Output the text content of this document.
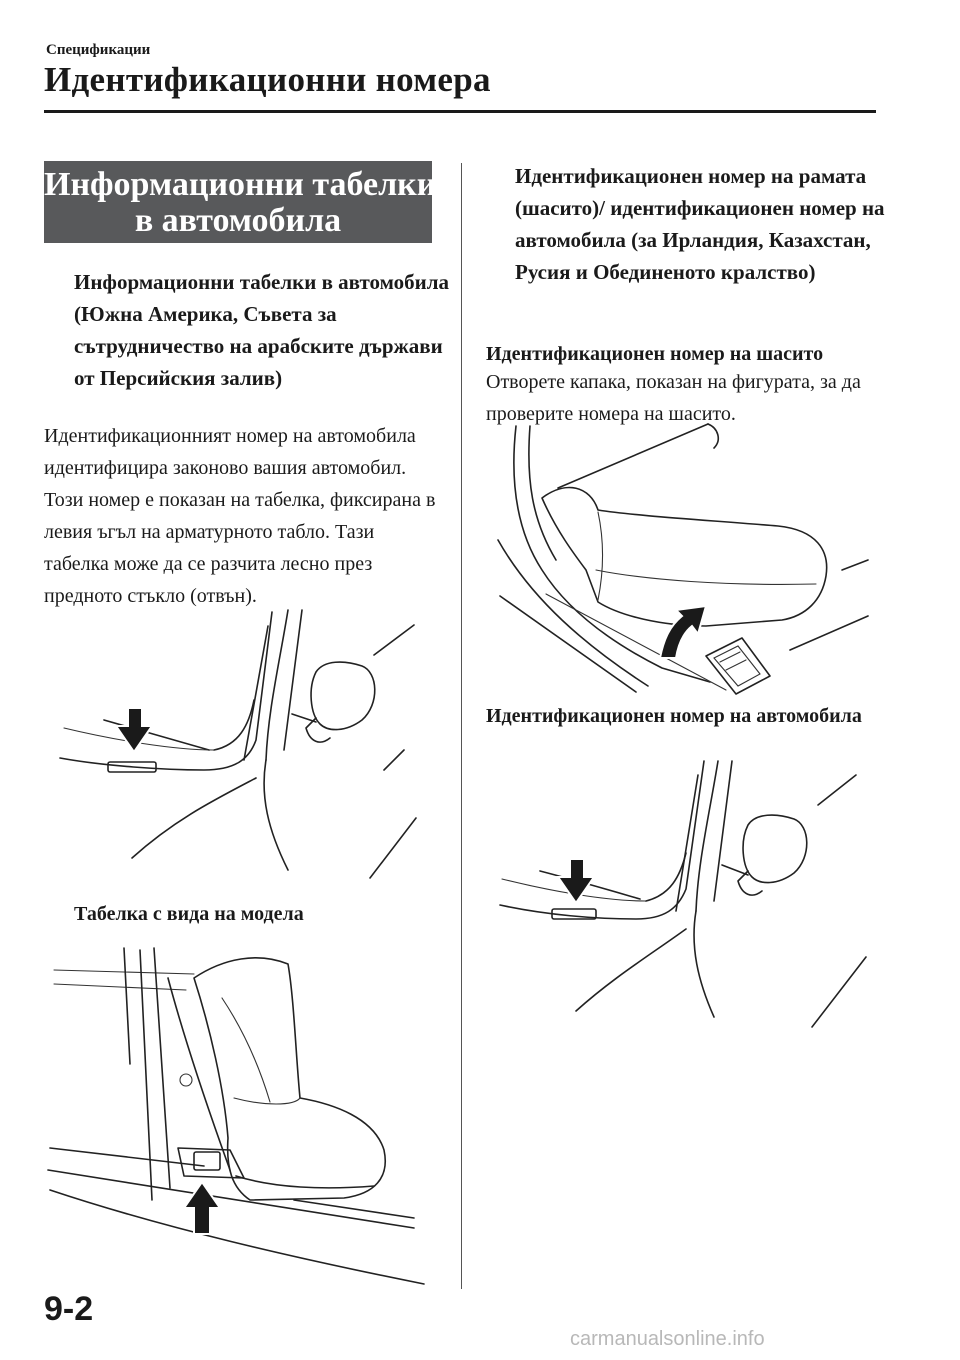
Спецификации
Идентификационни номера
Информационни табелки
в автомобила
Информационни табелки в автомобила (Южна Америка, Съвета за сътрудничество на арабските държави от Персийския залив)
Идентификационният номер на автомобила идентифицира законово вашия автомобил. Този номер е показан на табелка, фиксирана в левия ъгъл на арматурното табло. Тази табелка може да се разчита лесно през предното стъкло (отвън).
Табелка с вида на модела
Идентификационен номер на рамата (шасито)/ идентификационен номер на автомобила (за Ирландия, Казахстан, Русия и Обединеното кралство)
Идентификационен номер на шасито
Отворете капака, показан на фигурата, за да проверите номера на шасито.
Идентификационен номер на автомобила
9-2
carmanualsonline.info
